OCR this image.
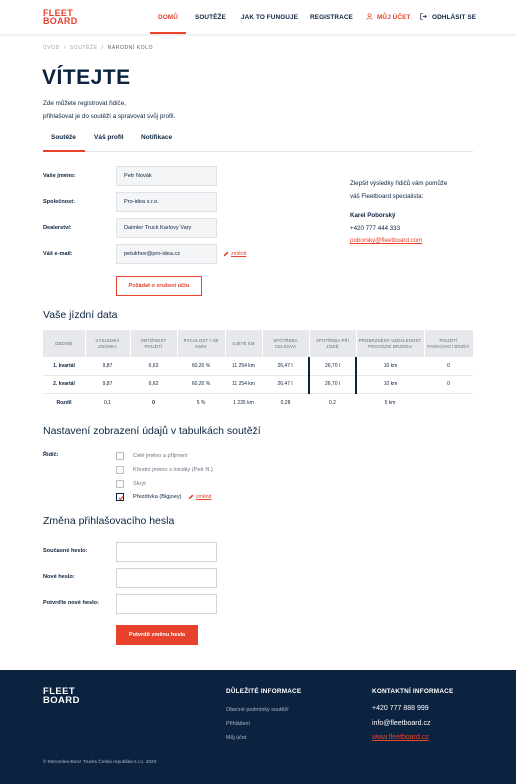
FLEET
BOARD	DOMŮ	SOUTĚŽE JAK TO FUNGUJE REGISTRACE	MŮJ ÚČET	ODHLÁSIT SE
ÚVOD  /  SOUTĚŽE  /  NÁRODNÍ KOLO
VÍTEJTE
Zde můžete registrovat řidiče,
přihlašovat je do soutěží a spravovat svůj profil.
Soutěže	Váš profil	Notifikace
Vaše jméno:	Petr Novák
Společnost:	Pro-idea s.r.o.
Dealerství:	Daimler Truck Karlovy Vary
Váš e-mail:	petukhov@pro-idea.cz	změnit
Požádat o zrušení účtu
Zlepšit výsledky řidičů vám pomůže
váš Fleetboard specialista:
Karel Poborský
+420 777 444 333
poborsky@fleetboard.com
Vaše jízdní data
OBDOBÍ	VYSLEDNÁ ZNÁMKA	OBTÍŽNOST POUŽITÍ	RYCHLOST > 85 KM/H	UJETÉ KM	SPOTŘEBA CELKOVÁ	SPOTŘEBA PŘI JÍZDĚ	PROBRZDĚNÁ VZDÁLENOST PROVOZNÍ BRZDOU	POUŽITÍ PARKOVACÍ BRZDY
1. kvartál	9,87	6,62	60,20 %	11 254 km	26,47 l	26,70 l	10 km	0
2. kvartál	9,87	6,62	60,20 %	11 254 km	26,47 l	26,70 l	10 km	0
Rozdíl	0,1	0	5 %	1 235 km	0,28	0,2	5 km	
Nastavení zobrazení údajů v tabulkách soutěží
Řidič:	Celé jméno a příjmení
Křestní jméno s iniciály (Petr N.)
Skrýt
Přezdívka (Bigjoey)	změnit
Změna přihlašovacího hesla
Současné heslo:
Nové heslo:
Potvrďte nové heslo:
Potvrdit změnu hesla
FLEET
BOARD
DŮLEŽITÉ INFORMACE
Obecné podmínky soutěží
Přihlášení
Můj účet
KONTAKTNÍ INFORMACE
+420 777 888 999
info@fleetboard.cz
www.fleetboard.cz
© Mercedes-Benz Trucks Česká republika s.r.o. 2020
